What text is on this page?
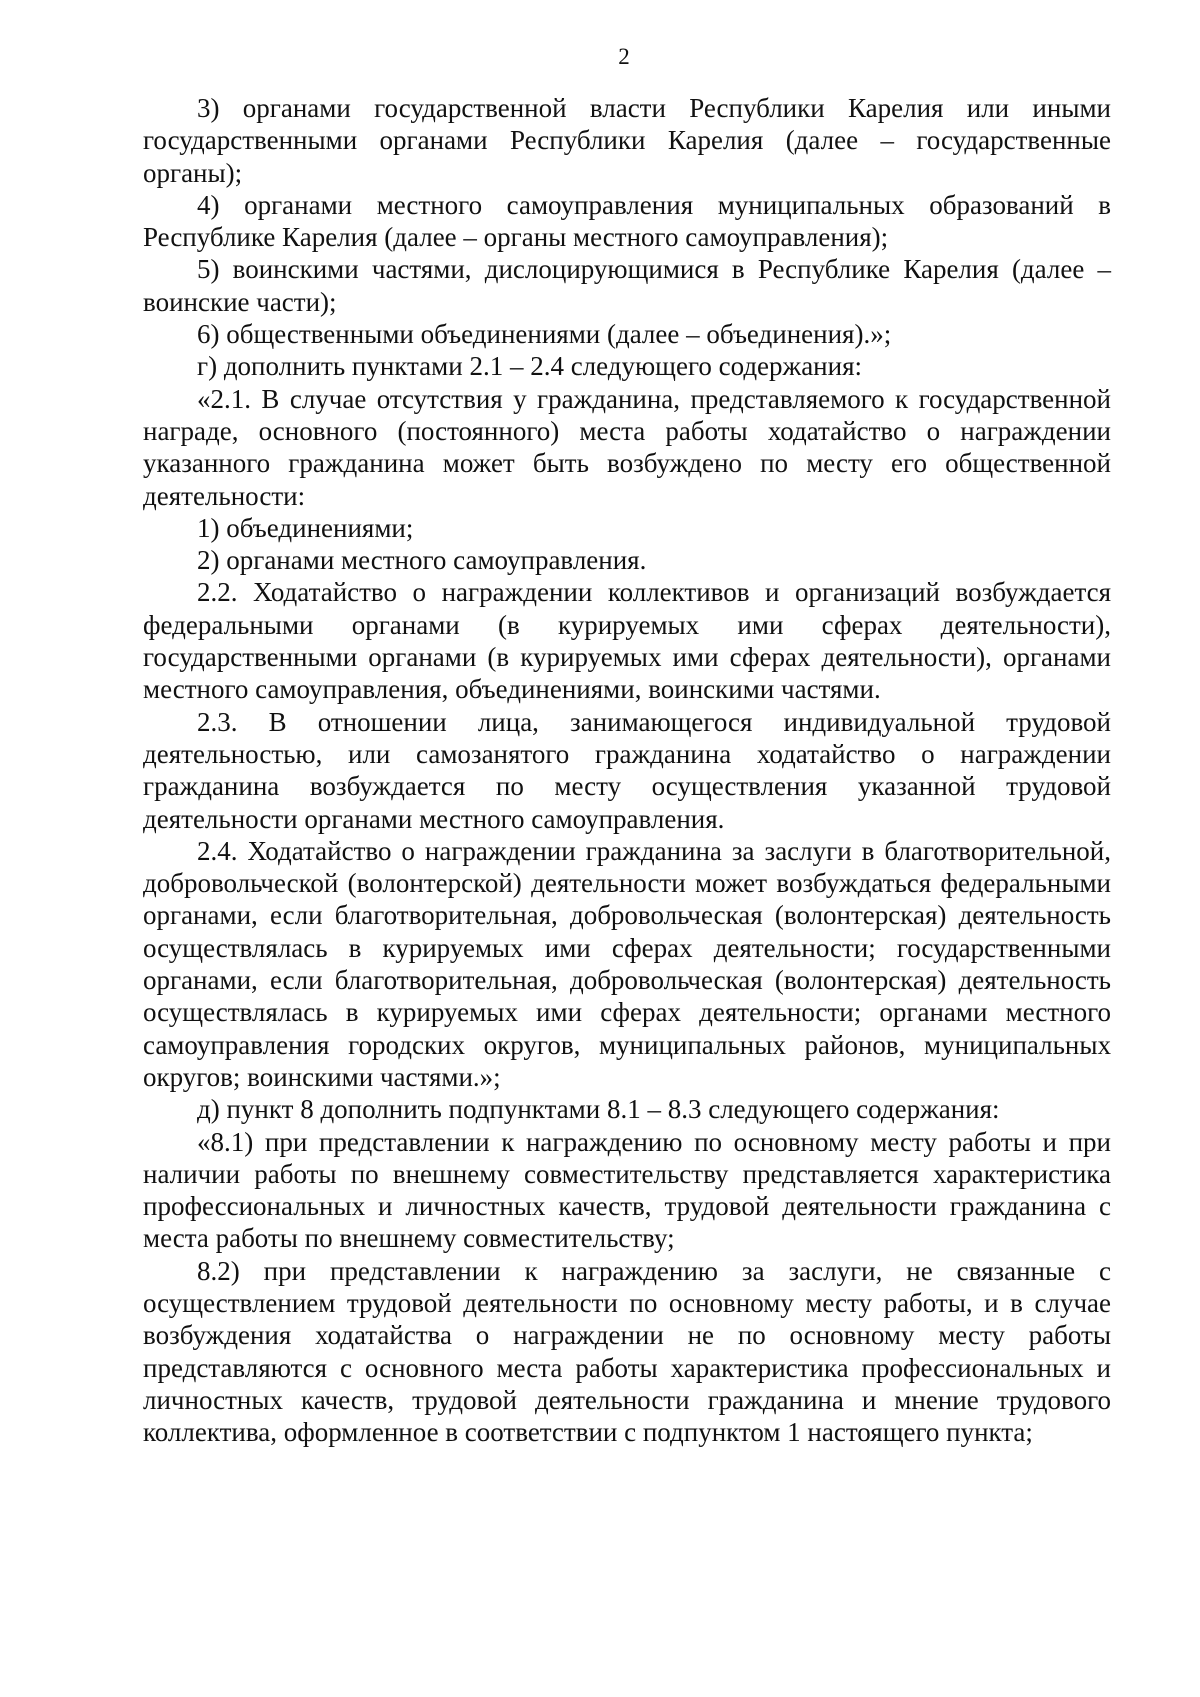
2

3) органами государственной власти Республики Карелия или иными государственными органами Республики Карелия (далее – государственные органы);

4) органами местного самоуправления муниципальных образований в Республике Карелия (далее – органы местного самоуправления);

5) воинскими частями, дислоцирующимися в Республике Карелия (далее – воинские части);

6) общественными объединениями (далее – объединения).»;

г) дополнить пунктами 2.1 – 2.4 следующего содержания:

«2.1. В случае отсутствия у гражданина, представляемого к государственной награде, основного (постоянного) места работы ходатайство о награждении указанного гражданина может быть возбуждено по месту его общественной деятельности:

1) объединениями;

2) органами местного самоуправления.

2.2. Ходатайство о награждении коллективов и организаций возбуждается федеральными органами (в курируемых ими сферах деятельности), государственными органами (в курируемых ими сферах деятельности), органами местного самоуправления, объединениями, воинскими частями.

2.3. В отношении лица, занимающегося индивидуальной трудовой деятельностью, или самозанятого гражданина ходатайство о награждении гражданина возбуждается по месту осуществления указанной трудовой деятельности органами местного самоуправления.

2.4. Ходатайство о награждении гражданина за заслуги в благотворительной, добровольческой (волонтерской) деятельности может возбуждаться федеральными органами, если благотворительная, добровольческая (волонтерская) деятельность осуществлялась в курируемых ими сферах деятельности; государственными органами, если благотворительная, добровольческая (волонтерская) деятельность осуществлялась в курируемых ими сферах деятельности; органами местного самоуправления городских округов, муниципальных районов, муниципальных округов; воинскими частями.»;

д) пункт 8 дополнить подпунктами 8.1 – 8.3 следующего содержания:

«8.1) при представлении к награждению по основному месту работы и при наличии работы по внешнему совместительству представляется характеристика профессиональных и личностных качеств, трудовой деятельности гражданина с места работы по внешнему совместительству;

8.2) при представлении к награждению за заслуги, не связанные с осуществлением трудовой деятельности по основному месту работы, и в случае возбуждения ходатайства о награждении не по основному месту работы представляются с основного места работы характеристика профессиональных и личностных качеств, трудовой деятельности гражданина и мнение трудового коллектива, оформленное в соответствии с подпунктом 1 настоящего пункта;
